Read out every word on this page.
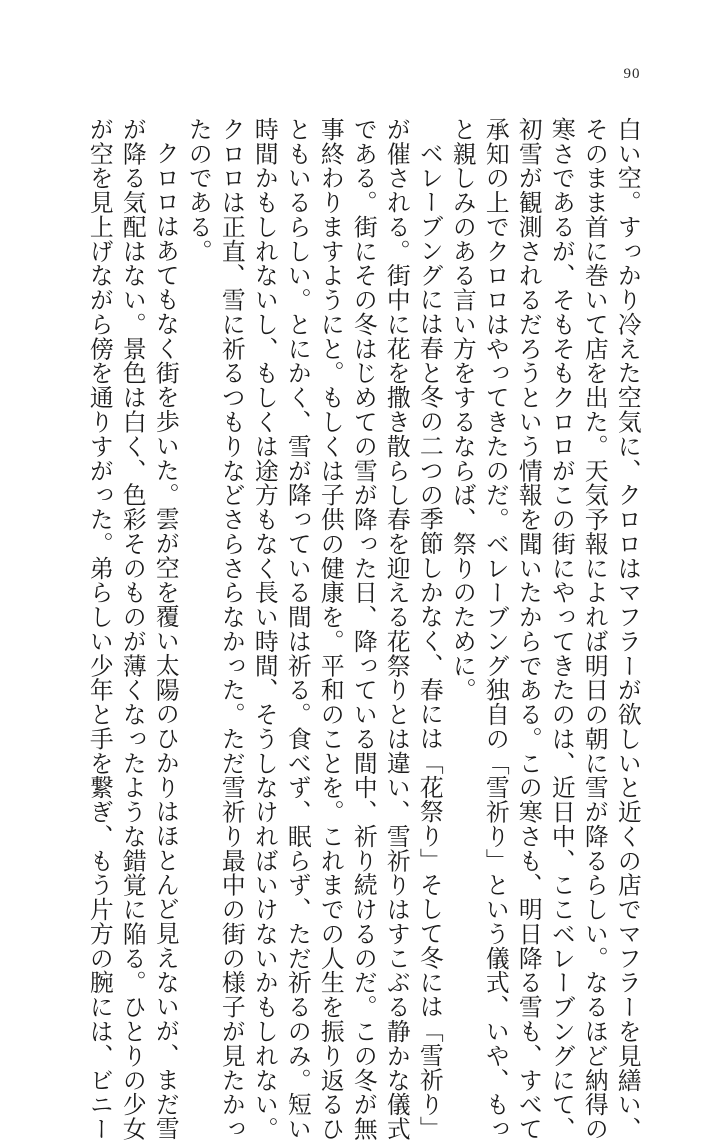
90
白い空。すっかり冷えた空気に、クロロはマフラーが欲しいと近くの店でマフラーを見繕い、
そのまま首に巻いて店を出た。天気予報によれば明日の朝に雪が降るらしい。なるほど納得の
寒さであるが、そもそもクロロがこの街にやってきたのは、近日中、ここベレーブングにて、
初雪が観測されるだろうという情報を聞いたからである。この寒さも、明日降る雪も、すべて
承知の上でクロロはやってきたのだ。ベレーブング独自の「雪祈り」という儀式、いや、もっ
と親しみのある言い方をするならば、祭りのために。
ベレーブングには春と冬の二つの季節しかなく、春には「花祭り」そして冬には「雪祈り」
が催される。街中に花を撒き散らし春を迎える花祭りとは違い、雪祈りはすこぶる静かな儀式
である。街にその冬はじめての雪が降った日、降っている間中、祈り続けるのだ。この冬が無
事終わりますようにと。もしくは子供の健康を。平和のことを。これまでの人生を振り返るひ
ともいるらしい。とにかく、雪が降っている間は祈る。食べず、眠らず、ただ祈るのみ。短い
時間かもしれないし、もしくは途方もなく長い時間、そうしなければいけないかもしれない。
クロロは正直、雪に祈るつもりなどさらさらなかった。ただ雪祈り最中の街の様子が見たかっ
たのである。
クロロはあてもなく街を歩いた。雲が空を覆い太陽のひかりはほとんど見えないが、まだ雪
が降る気配はない。景色は白く、色彩そのものが薄くなったような錯覚に陥る。ひとりの少女
が空を見上げながら傍を通りすがった。弟らしい少年と手を繋ぎ、もう片方の腕には、ビニー
